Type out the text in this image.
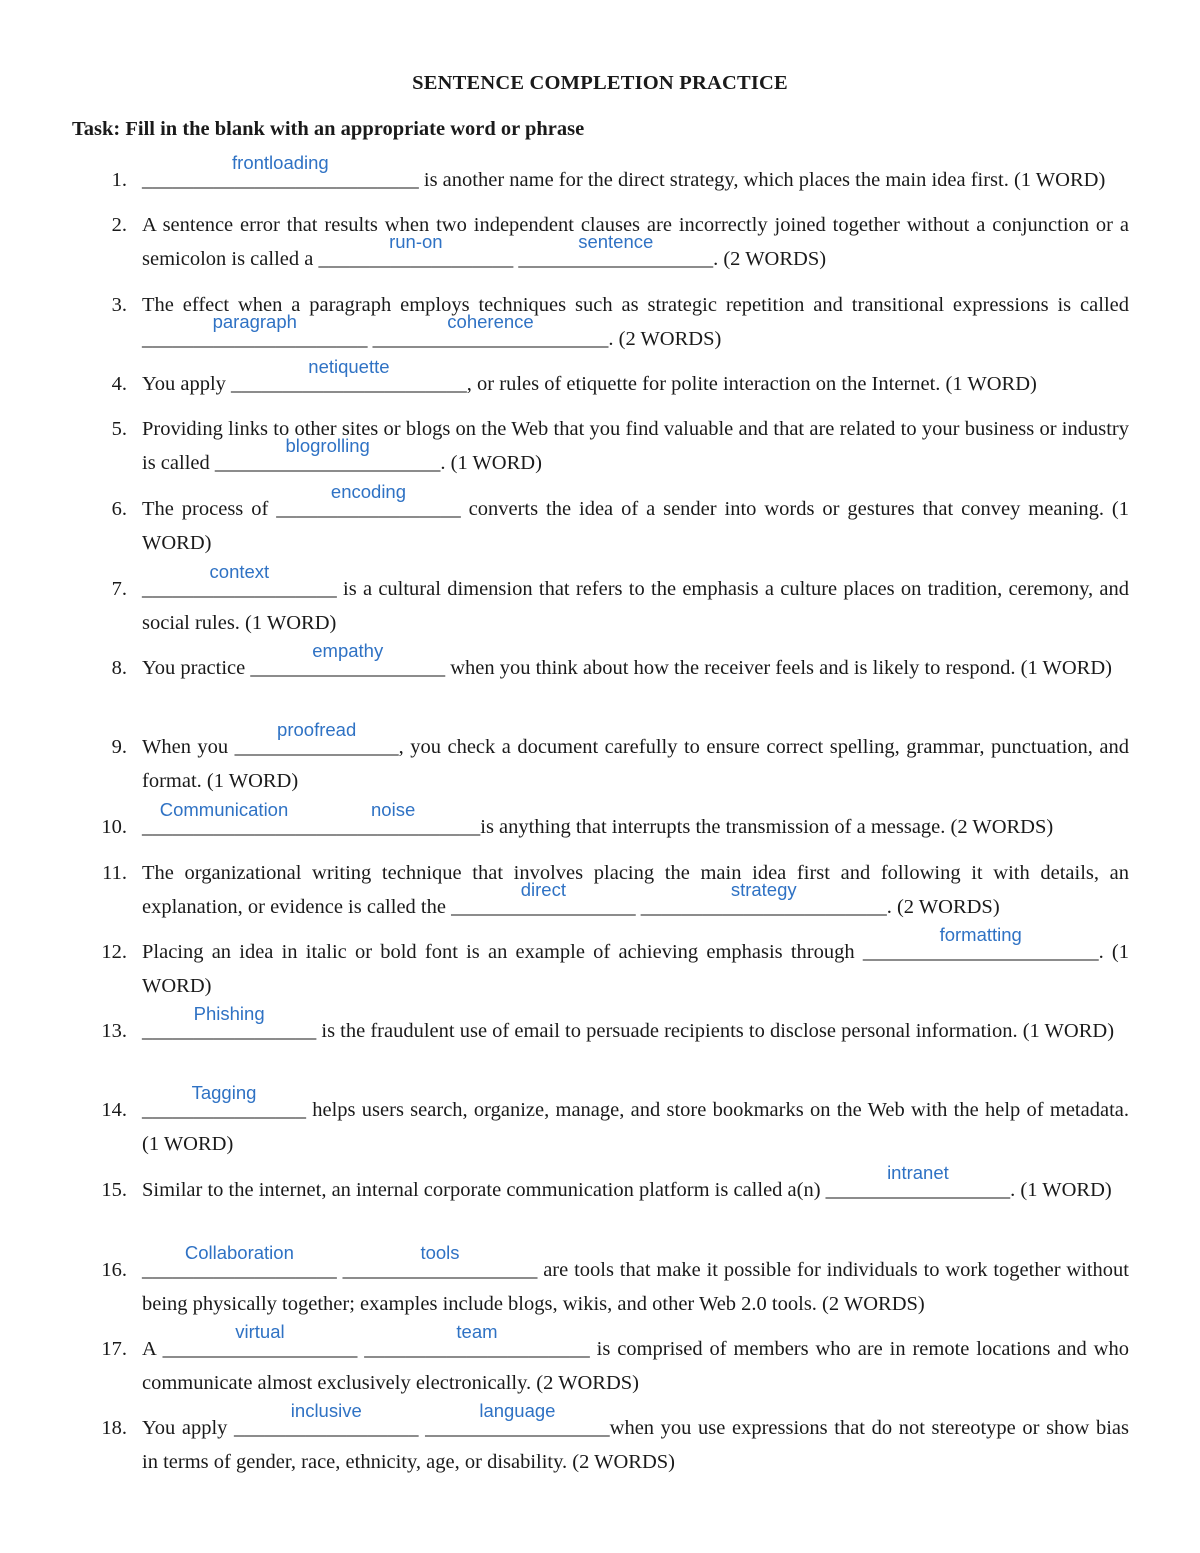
SENTENCE COMPLETION PRACTICE
Task: Fill in the blank with an appropriate word or phrase
1.
frontloading
___________________________ is another name for the direct strategy, which places the main idea first. (1 WORD)
2. A sentence error that results when two independent clauses are incorrectly joined together without a conjunction or a semicolon is called a
run-on
___________________
sentence
___________________. (2 WORDS)
3. The effect when a paragraph employs techniques such as strategic repetition and transitional expressions is called
paragraph
______________________
coherence
_______________________. (2 WORDS)
4. You apply
netiquette
_______________________, or rules of etiquette for polite interaction on the Internet. (1 WORD)
5. Providing links to other sites or blogs on the Web that you find valuable and that are related to your business or industry is called
blogrolling
______________________. (1 WORD)
6. The process of
encoding
__________________ converts the idea of a sender into words or gestures that convey meaning. (1 WORD)
7.
context
___________________ is a cultural dimension that refers to the emphasis a culture places on tradition, ceremony, and social rules. (1 WORD)
8. You practice
empathy
___________________ when you think about how the receiver feels and is likely to respond. (1 WORD)
9. When you
proofread
________________, you check a document carefully to ensure correct spelling, grammar, punctuation, and format. (1 WORD)
10.
Communication
________________
noise
_________________is anything that interrupts the transmission of a message. (2 WORDS)
11. The organizational writing technique that involves placing the main idea first and following it with details, an explanation, or evidence is called the
direct
__________________
strategy
________________________. (2 WORDS)
12. Placing an idea in italic or bold font is an example of achieving emphasis through
formatting
_______________________. (1 WORD)
13.
Phishing
_________________ is the fraudulent use of email to persuade recipients to disclose personal information. (1 WORD)
14.
Tagging
________________ helps users search, organize, manage, and store bookmarks on the Web with the help of metadata. (1 WORD)
15. Similar to the internet, an internal corporate communication platform is called a(n)
intranet
__________________. (1 WORD)
16.
Collaboration
___________________
tools
___________________ are tools that make it possible for individuals to work together without being physically together; examples include blogs, wikis, and other Web 2.0 tools. (2 WORDS)
17. A
virtual
___________________
team
______________________ is comprised of members who are in remote locations and who communicate almost exclusively electronically. (2 WORDS)
18. You apply
inclusive
__________________
language
__________________when you use expressions that do not stereotype or show bias in terms of gender, race, ethnicity, age, or disability. (2 WORDS)
